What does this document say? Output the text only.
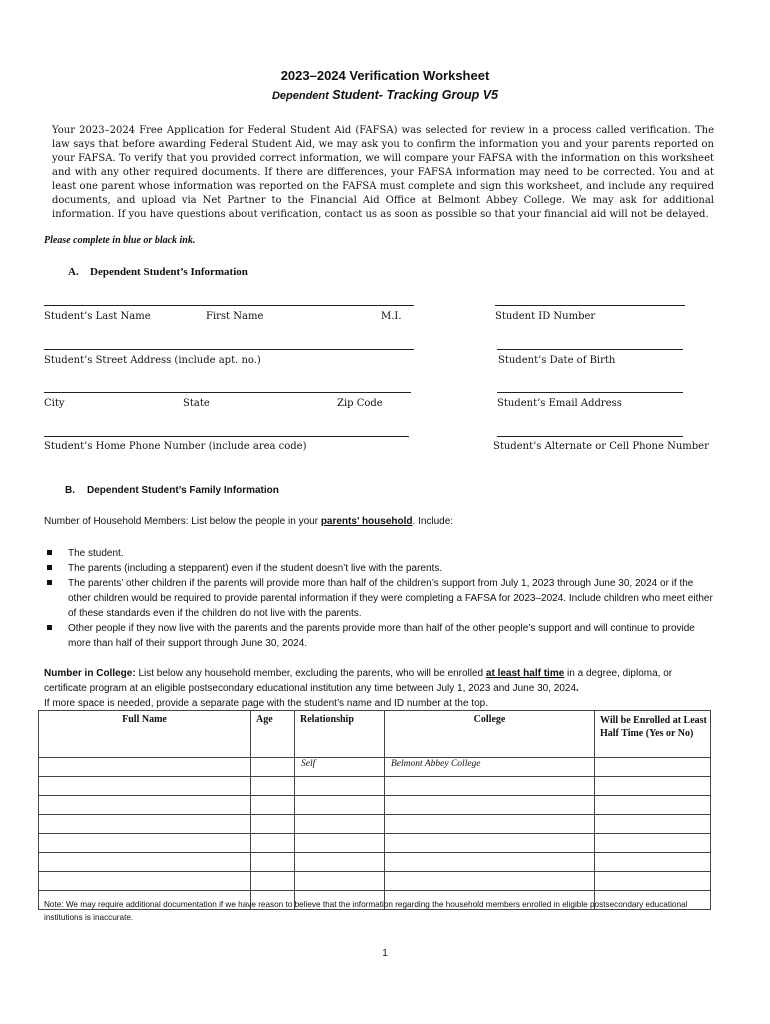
2023–2024 Verification Worksheet
Dependent Student- Tracking Group V5
Your 2023–2024 Free Application for Federal Student Aid (FAFSA) was selected for review in a process called verification. The law says that before awarding Federal Student Aid, we may ask you to confirm the information you and your parents reported on your FAFSA. To verify that you provided correct information, we will compare your FAFSA with the information on this worksheet and with any other required documents. If there are differences, your FAFSA information may need to be corrected. You and at least one parent whose information was reported on the FAFSA must complete and sign this worksheet, and include any required documents, and upload via Net Partner to the Financial Aid Office at Belmont Abbey College. We may ask for additional information. If you have questions about verification, contact us as soon as possible so that your financial aid will not be delayed.
Please complete in blue or black ink.
A. Dependent Student’s Information
Student’s Last Name	First Name	M.I.	Student ID Number
Student’s Street Address (include apt. no.)	Student’s Date of Birth
City	State	Zip Code	Student’s Email Address
Student’s Home Phone Number (include area code)	Student’s Alternate or Cell Phone Number
B. Dependent Student’s Family Information
Number of Household Members: List below the people in your parents’ household. Include:
The student.
The parents (including a stepparent) even if the student doesn’t live with the parents.
The parents’ other children if the parents will provide more than half of the children’s support from July 1, 2023 through June 30, 2024 or if the other children would be required to provide parental information if they were completing a FAFSA for 2023–2024. Include children who meet either of these standards even if the children do not live with the parents.
Other people if they now live with the parents and the parents provide more than half of the other people’s support and will continue to provide more than half of their support through June 30, 2024.
Number in College: List below any household member, excluding the parents, who will be enrolled at least half time in a degree, diploma, or certificate program at an eligible postsecondary educational institution any time between July 1, 2023 and June 30, 2024.
If more space is needed, provide a separate page with the student’s name and ID number at the top.
Full Name	Age	Relationship	College	Will be Enrolled at Least Half Time (Yes or No)
		Self	Belmont Abbey College	

Note: We may require additional documentation if we have reason to believe that the information regarding the household members enrolled in eligible postsecondary educational institutions is inaccurate.
1
